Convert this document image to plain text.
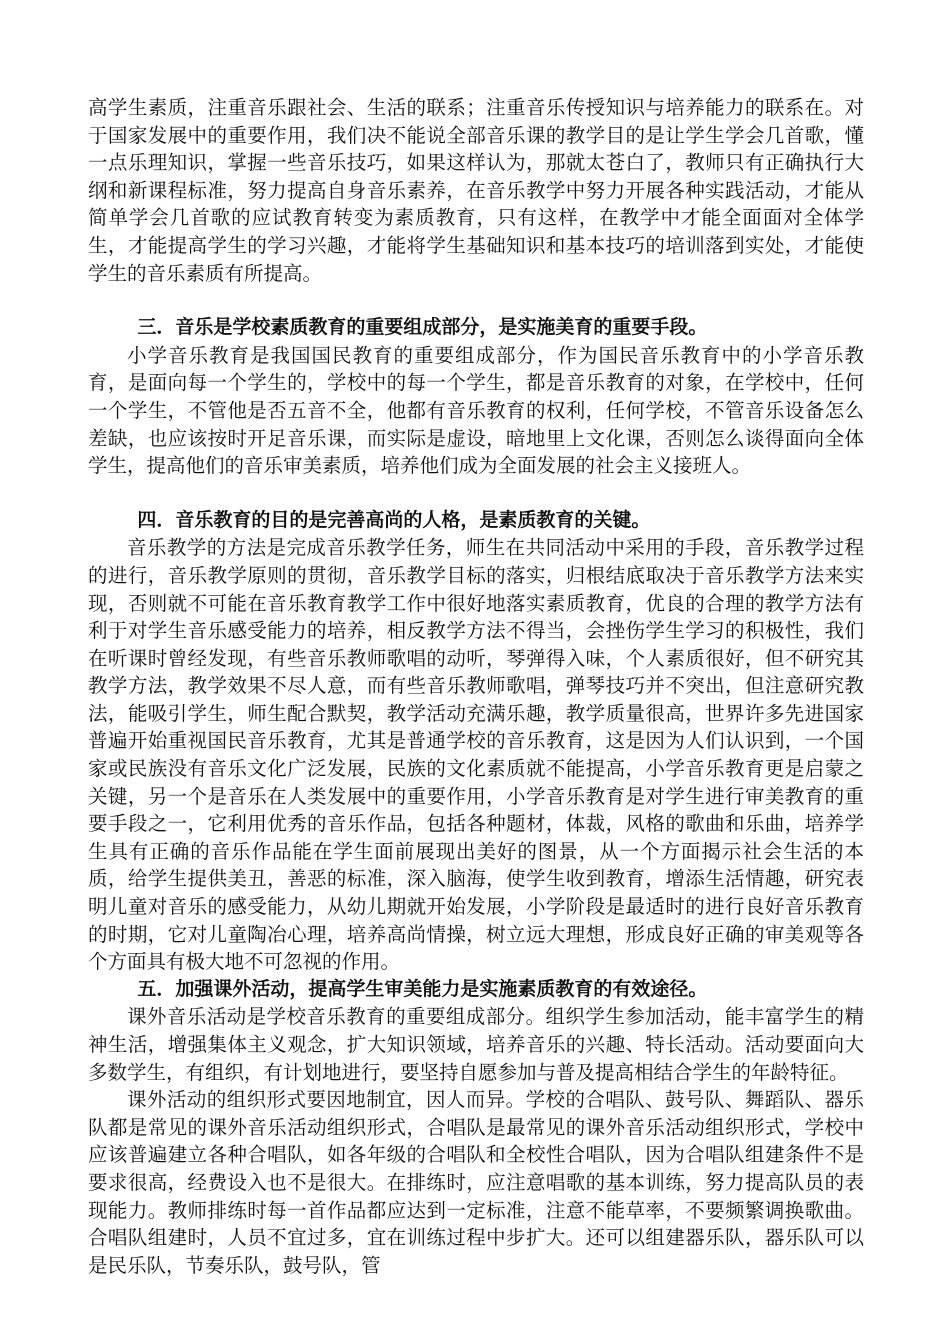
高学生素质，注重音乐跟社会、生活的联系；注重音乐传授知识与培养能力的联系在。对于国家发展中的重要作用，我们决不能说全部音乐课的教学目的是让学生学会几首歌，懂一点乐理知识，掌握一些音乐技巧，如果这样认为，那就太苍白了，教师只有正确执行大纲和新课程标准，努力提高自身音乐素养，在音乐教学中努力开展各种实践活动，才能从简单学会几首歌的应试教育转变为素质教育，只有这样，在教学中才能全面面对全体学生，才能提高学生的学习兴趣，才能将学生基础知识和基本技巧的培训落到实处，才能使学生的音乐素质有所提高。

三．音乐是学校素质教育的重要组成部分，是实施美育的重要手段。

小学音乐教育是我国国民教育的重要组成部分，作为国民音乐教育中的小学音乐教育，是面向每一个学生的，学校中的每一个学生，都是音乐教育的对象，在学校中，任何一个学生，不管他是否五音不全，他都有音乐教育的权利，任何学校，不管音乐设备怎么差缺，也应该按时开足音乐课，而实际是虚设，暗地里上文化课，否则怎么谈得面向全体学生，提高他们的音乐审美素质，培养他们成为全面发展的社会主义接班人。

四．音乐教育的目的是完善高尚的人格，是素质教育的关键。

音乐教学的方法是完成音乐教学任务，师生在共同活动中采用的手段，音乐教学过程的进行，音乐教学原则的贯彻，音乐教学目标的落实，归根结底取决于音乐教学方法来实现，否则就不可能在音乐教育教学工作中很好地落实素质教育，优良的合理的教学方法有利于对学生音乐感受能力的培养，相反教学方法不得当，会挫伤学生学习的积极性，我们在听课时曾经发现，有些音乐教师歌唱的动听，琴弹得入味，个人素质很好，但不研究其教学方法，教学效果不尽人意，而有些音乐教师歌唱，弹琴技巧并不突出，但注意研究教法，能吸引学生，师生配合默契，教学活动充满乐趣，教学质量很高，世界许多先进国家普遍开始重视国民音乐教育，尤其是普通学校的音乐教育，这是因为人们认识到，一个国家或民族没有音乐文化广泛发展，民族的文化素质就不能提高，小学音乐教育更是启蒙之关键，另一个是音乐在人类发展中的重要作用，小学音乐教育是对学生进行审美教育的重要手段之一，它利用优秀的音乐作品，包括各种题材，体裁，风格的歌曲和乐曲，培养学生具有正确的音乐作品能在学生面前展现出美好的图景，从一个方面揭示社会生活的本质，给学生提供美丑，善恶的标准，深入脑海，使学生收到教育，增添生活情趣，研究表明儿童对音乐的感受能力，从幼儿期就开始发展，小学阶段是最适时的进行良好音乐教育的时期，它对儿童陶冶心理，培养高尚情操，树立远大理想，形成良好正确的审美观等各个方面具有极大地不可忽视的作用。

五．加强课外活动，提高学生审美能力是实施素质教育的有效途径。

课外音乐活动是学校音乐教育的重要组成部分。组织学生参加活动，能丰富学生的精神生活，增强集体主义观念，扩大知识领域，培养音乐的兴趣、特长活动。活动要面向大多数学生，有组织，有计划地进行，要坚持自愿参加与普及提高相结合学生的年龄特征。

课外活动的组织形式要因地制宜，因人而异。学校的合唱队、鼓号队、舞蹈队、器乐队都是常见的课外音乐活动组织形式，合唱队是最常见的课外音乐活动组织形式，学校中应该普遍建立各种合唱队，如各年级的合唱队和全校性合唱队，因为合唱队组建条件不是要求很高，经费设入也不是很大。在排练时，应注意唱歌的基本训练，努力提高队员的表现能力。教师排练时每一首作品都应达到一定标准，注意不能草率，不要频繁调换歌曲。合唱队组建时，人员不宜过多，宜在训练过程中步扩大。还可以组建器乐队，器乐队可以是民乐队，节奏乐队，鼓号队，管
